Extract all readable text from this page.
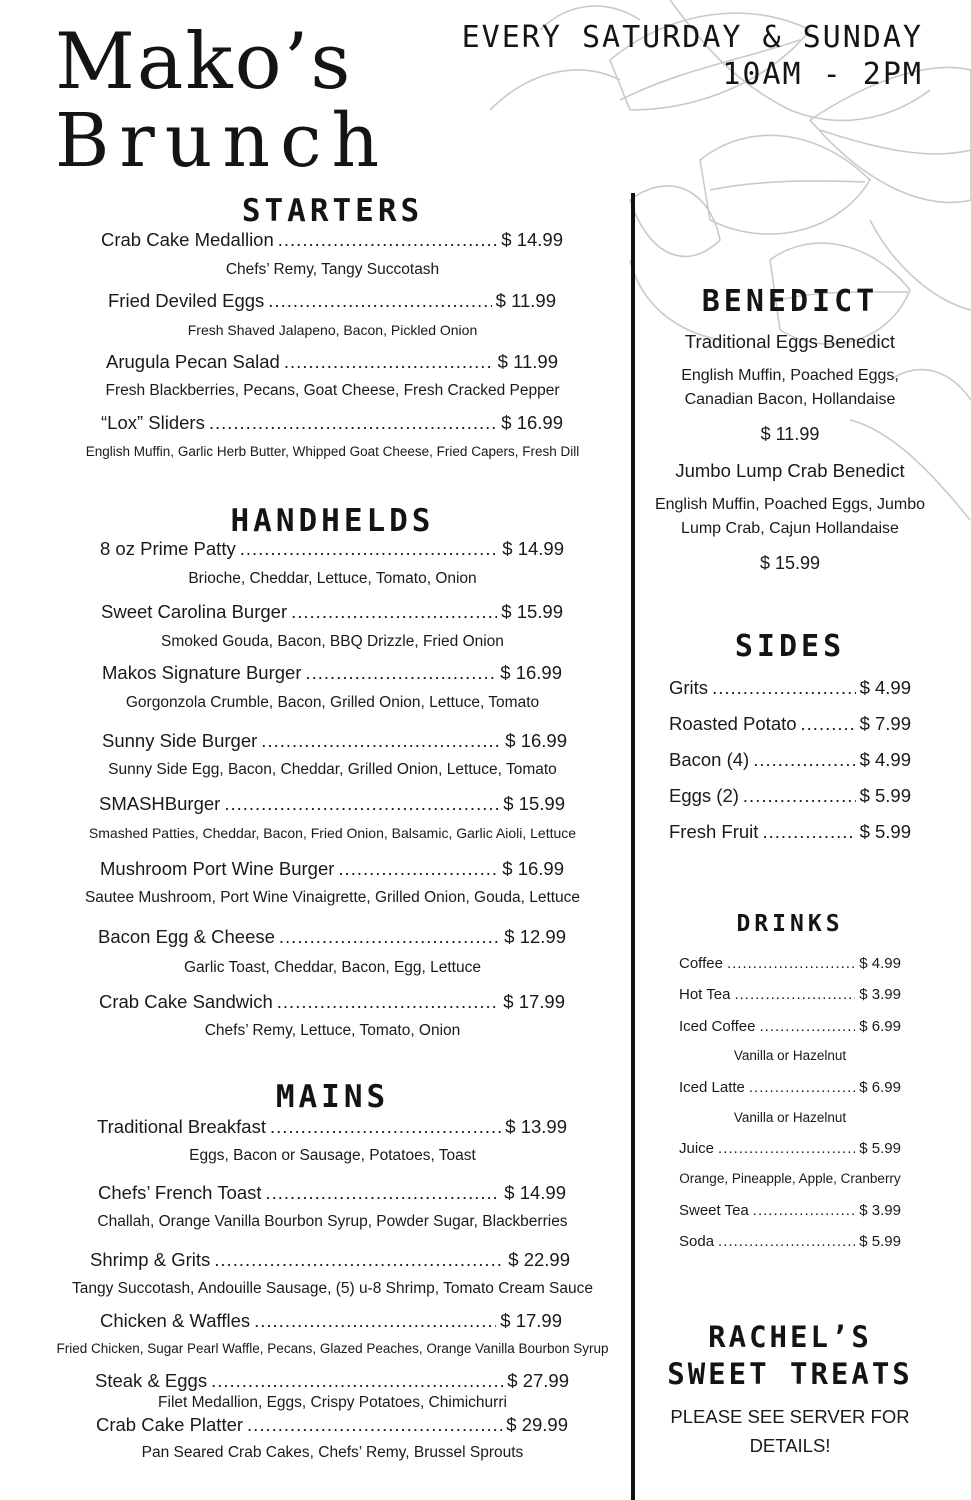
Mako’s
Brunch
EVERY SATURDAY & SUNDAY
10AM - 2PM
STARTERS
Crab Cake Medallion .....	$ 14.99
Chefs’ Remy, Tangy Succotash
Fried Deviled Eggs .....	$ 11.99
Fresh Shaved Jalapeno, Bacon, Pickled Onion
Arugula Pecan Salad .....	$ 11.99
Fresh Blackberries, Pecans, Goat Cheese, Fresh Cracked Pepper
“Lox” Sliders .....	$ 16.99
English Muffin, Garlic Herb Butter, Whipped Goat Cheese, Fried Capers, Fresh Dill
HANDHELDS
8 oz Prime Patty .....	$ 14.99
Brioche, Cheddar, Lettuce, Tomato, Onion
Sweet Carolina Burger .....	$ 15.99
Smoked Gouda, Bacon, BBQ Drizzle, Fried Onion
Makos Signature Burger .....	$ 16.99
Gorgonzola Crumble, Bacon, Grilled Onion, Lettuce, Tomato
Sunny Side Burger .....	$ 16.99
Sunny Side Egg, Bacon, Cheddar, Grilled Onion, Lettuce, Tomato
SMASHBurger .....	$ 15.99
Smashed Patties, Cheddar, Bacon, Fried Onion, Balsamic, Garlic Aioli, Lettuce
Mushroom Port Wine Burger .....	$ 16.99
Sautee Mushroom, Port Wine Vinaigrette, Grilled Onion, Gouda, Lettuce
Bacon Egg & Cheese .....	$ 12.99
Garlic Toast, Cheddar, Bacon, Egg, Lettuce
Crab Cake Sandwich .....	$ 17.99
Chefs’ Remy, Lettuce, Tomato, Onion
MAINS
Traditional Breakfast .....	$ 13.99
Eggs, Bacon or Sausage, Potatoes, Toast
Chefs’ French Toast .....	$ 14.99
Challah, Orange Vanilla Bourbon Syrup, Powder Sugar, Blackberries
Shrimp & Grits .....	$ 22.99
Tangy Succotash, Andouille Sausage, (5) u-8 Shrimp, Tomato Cream Sauce
Chicken & Waffles .....	$ 17.99
Fried Chicken, Sugar Pearl Waffle, Pecans, Glazed Peaches, Orange Vanilla Bourbon Syrup
Steak & Eggs .....	$ 27.99
Filet Medallion, Eggs, Crispy Potatoes, Chimichurri
Crab Cake Platter .....	$ 29.99
Pan Seared Crab Cakes, Chefs’ Remy, Brussel Sprouts
BENEDICT
Traditional Eggs Benedict
English Muffin, Poached Eggs,
Canadian Bacon, Hollandaise
$ 11.99
Jumbo Lump Crab Benedict
English Muffin, Poached Eggs, Jumbo
Lump Crab, Cajun Hollandaise
$ 15.99
SIDES
Grits .....	$ 4.99
Roasted Potato .....	$ 7.99
Bacon (4) .....	$ 4.99
Eggs (2) .....	$ 5.99
Fresh Fruit .....	$ 5.99
DRINKS
Coffee .....	$ 4.99
Hot Tea .....	$ 3.99
Iced Coffee .....	$ 6.99
Vanilla or Hazelnut
Iced Latte .....	$ 6.99
Vanilla or Hazelnut
Juice .....	$ 5.99
Orange, Pineapple, Apple, Cranberry
Sweet Tea .....	$ 3.99
Soda .....	$ 5.99
RACHEL’S
SWEET TREATS
PLEASE SEE SERVER FOR DETAILS!
